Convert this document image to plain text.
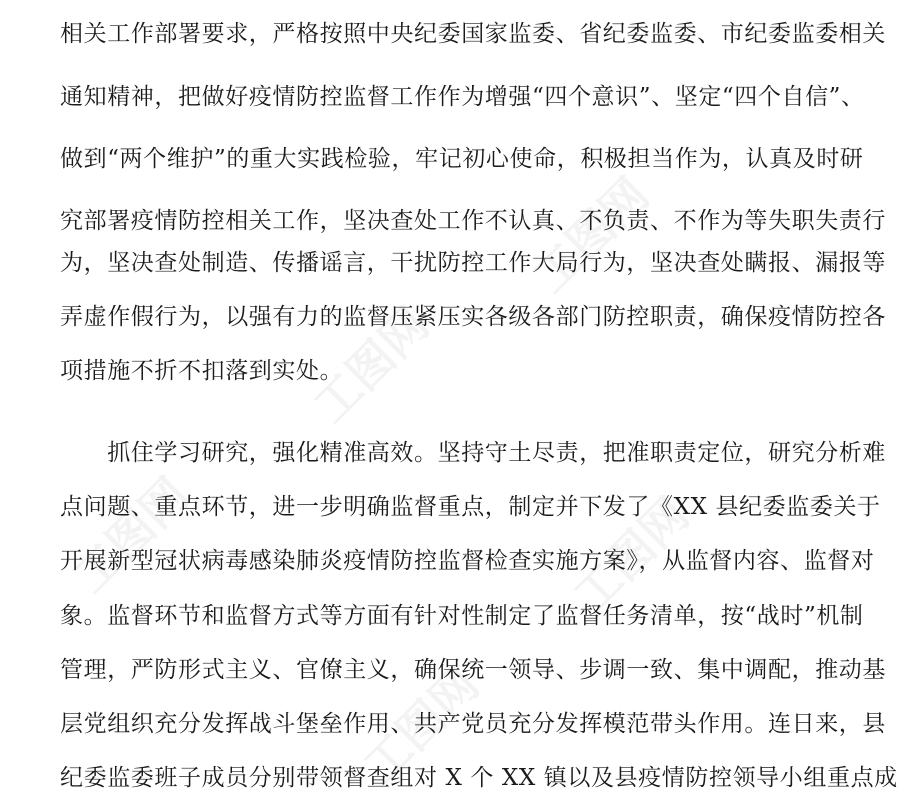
工图网
工图网
工图网	工图网
工图网
相关工作部署要求，严格按照中央纪委国家监委、省纪委监委、市纪委监委相关
通知精神，把做好疫情防控监督工作作为增强“四个意识”、坚定“四个自信”、
做到“两个维护”的重大实践检验，牢记初心使命，积极担当作为，认真及时研
究部署疫情防控相关工作，坚决查处工作不认真、不负责、不作为等失职失责行
为，坚决查处制造、传播谣言，干扰防控工作大局行为，坚决查处瞒报、漏报等
弄虚作假行为，以强有力的监督压紧压实各级各部门防控职责，确保疫情防控各
项措施不折不扣落到实处。
　　抓住学习研究，强化精准高效。坚持守土尽责，把准职责定位，研究分析难
点问题、重点环节，进一步明确监督重点，制定并下发了《XX 县纪委监委关于
开展新型冠状病毒感染肺炎疫情防控监督检查实施方案》，从监督内容、监督对
象。监督环节和监督方式等方面有针对性制定了监督任务清单，按“战时”机制
管理，严防形式主义、官僚主义，确保统一领导、步调一致、集中调配，推动基
层党组织充分发挥战斗堡垒作用、共产党员充分发挥模范带头作用。连日来，县
纪委监委班子成员分别带领督查组对 X 个 XX 镇以及县疫情防控领导小组重点成
